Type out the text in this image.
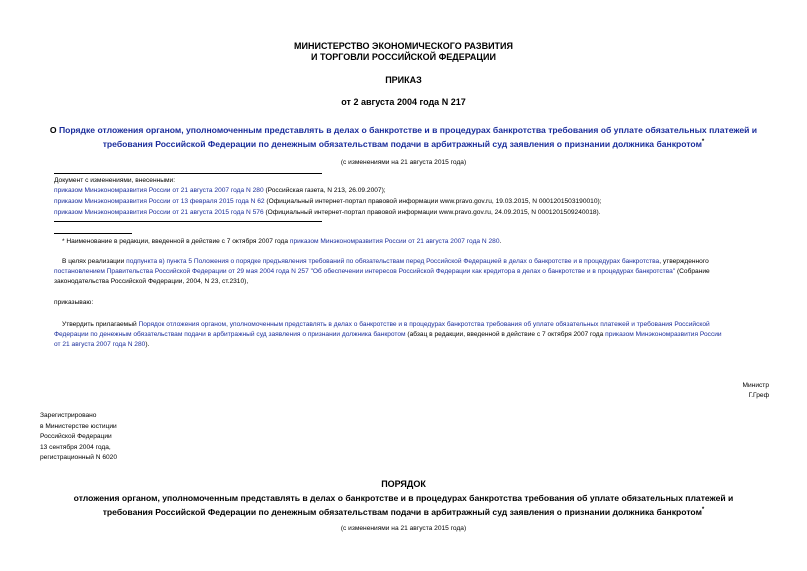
МИНИСТЕРСТВО ЭКОНОМИЧЕСКОГО РАЗВИТИЯ
И ТОРГОВЛИ РОССИЙСКОЙ ФЕДЕРАЦИИ
ПРИКАЗ
от 2 августа 2004 года N 217
О Порядке отложения органом, уполномоченным представлять в делах о банкротстве и в процедурах банкротства требования об уплате обязательных платежей и
требования Российской Федерации по денежным обязательствам подачи в арбитражный суд заявления о признании должника банкротом*
(с изменениями на 21 августа 2015 года)
Документ с изменениями, внесенными:
приказом Минэкономразвития России от 21 августа 2007 года N 280 (Российская газета, N 213, 26.09.2007);
приказом Минэкономразвития России от 13 февраля 2015 года N 62 (Официальный интернет-портал правовой информации www.pravo.gov.ru, 19.03.2015, N 0001201503190010);
приказом Минэкономразвития России от 21 августа 2015 года N 576 (Официальный интернет-портал правовой информации www.pravo.gov.ru, 24.09.2015, N 0001201509240018).
* Наименование в редакции, введенной в действие с 7 октября 2007 года приказом Минэкономразвития России от 21 августа 2007 года N 280.
В целях реализации подпункта в) пункта 5 Положения о порядке предъявления требований по обязательствам перед Российской Федерацией в делах о банкротстве и в процедурах банкротства, утвержденного
постановлением Правительства Российской Федерации от 29 мая 2004 года N 257 "Об обеспечении интересов Российской Федерации как кредитора в делах о банкротстве и в процедурах банкротства" (Собрание
законодательства Российской Федерации, 2004, N 23, ст.2310),
приказываю:
Утвердить прилагаемый Порядок отложения органом, уполномоченным представлять в делах о банкротстве и в процедурах банкротства требования об уплате обязательных платежей и требования Российской
Федерации по денежным обязательствам подачи в арбитражный суд заявления о признании должника банкротом (абзац в редакции, введенной в действие с 7 октября 2007 года приказом Минэкономразвития России
от 21 августа 2007 года N 280).
Министр
Г.Греф
Зарегистрировано
в Министерстве юстиции
Российской Федерации
13 сентября 2004 года,
регистрационный N 6020
ПОРЯДОК
отложения органом, уполномоченным представлять в делах о банкротстве и в процедурах банкротства требования об уплате обязательных платежей и
требования Российской Федерации по денежным обязательствам подачи в арбитражный суд заявления о признании должника банкротом*
(с изменениями на 21 августа 2015 года)
